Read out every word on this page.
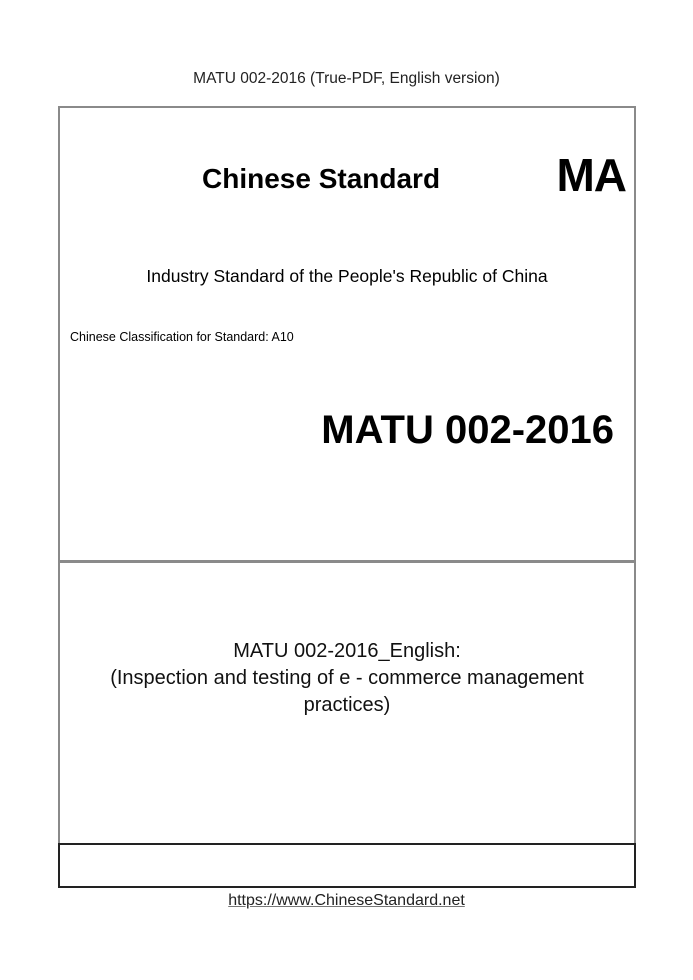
MATU 002-2016 (True-PDF, English version)
Chinese Standard	MA
Industry Standard of the People's Republic of China
Chinese Classification for Standard: A10
MATU 002-2016
MATU 002-2016_English:
(Inspection and testing of e - commerce management
practices)
https://www.ChineseStandard.net
